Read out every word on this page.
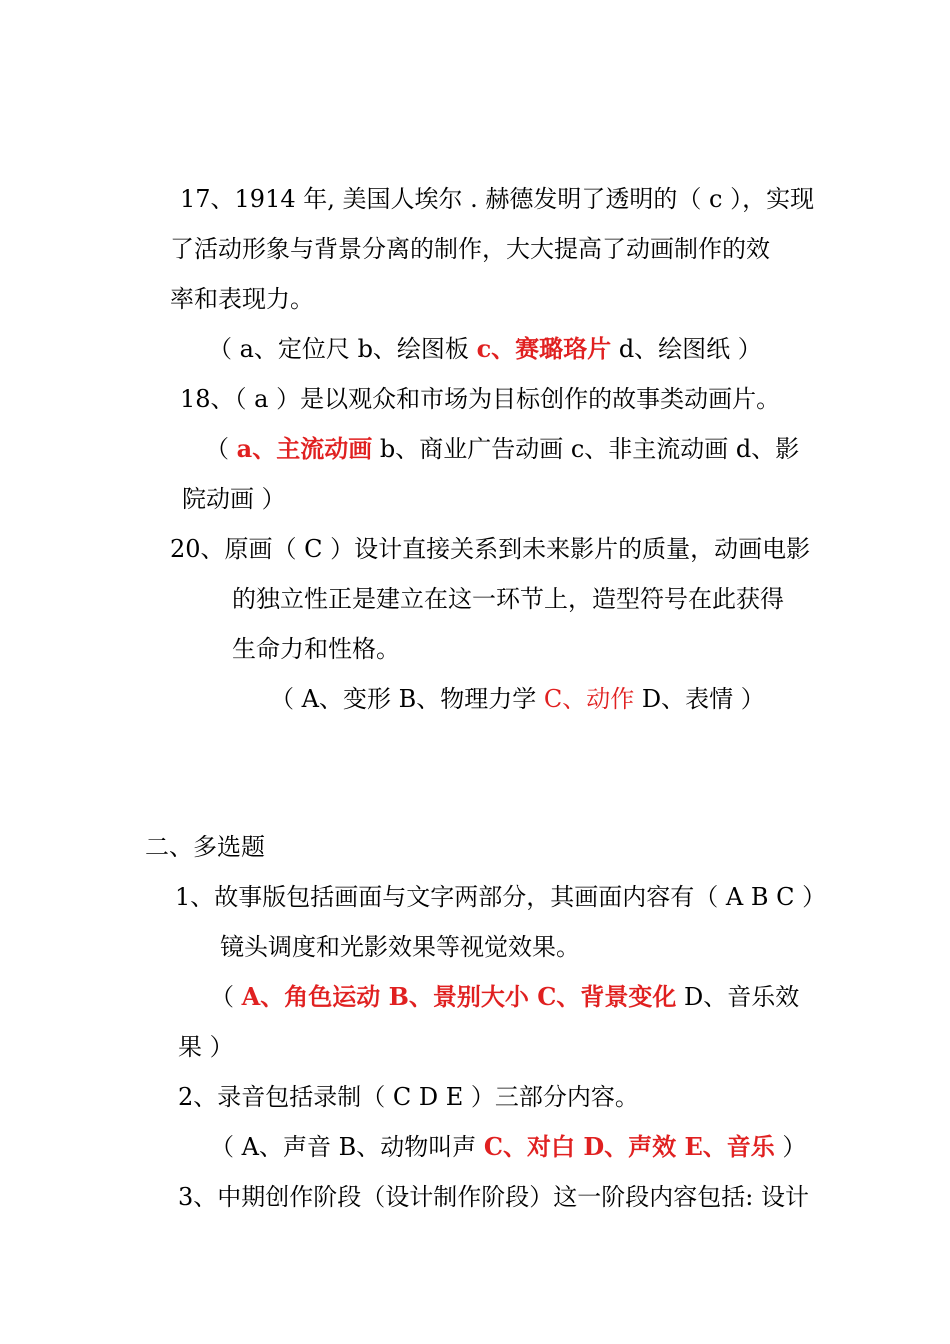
17、1914 年, 美国人埃尔 . 赫德发明了透明的（ c ），实现
了活动形象与背景分离的制作，大大提高了动画制作的效
率和表现力。
（ a、定位尺 b、绘图板 c、赛璐珞片 d、绘图纸 ）
18、（ a ）是以观众和市场为目标创作的故事类动画片。
（ a、主流动画 b、商业广告动画 c、非主流动画 d、影
院动画 ）
20、原画（ C ）设计直接关系到未来影片的质量，动画电影
的独立性正是建立在这一环节上，造型符号在此获得
生命力和性格。
（ A、变形 B、物理力学 C、动作 D、表情 ）
二、多选题
1、故事版包括画面与文字两部分，其画面内容有（ A B C ）
镜头调度和光影效果等视觉效果。
（ A、角色运动 B、景别大小 C、背景变化 D、音乐效
果 ）
2、录音包括录制（ C D E ）三部分内容。
（ A、声音 B、动物叫声 C、对白 D、声效 E、音乐 ）
3、中期创作阶段（设计制作阶段）这一阶段内容包括: 设计
